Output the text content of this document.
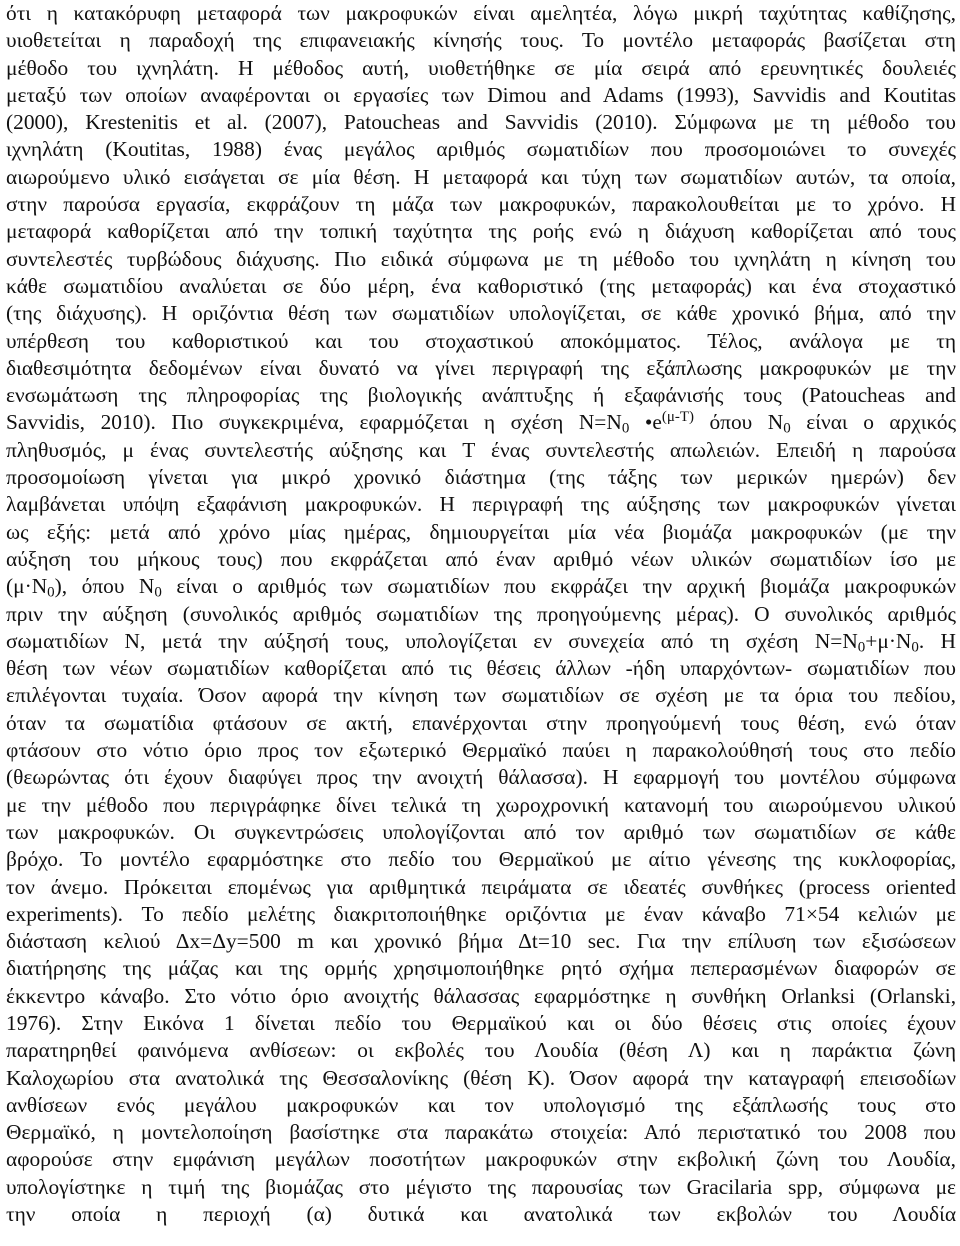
ότι η κατακόρυφη μεταφορά των μακροφυκών είναι αμελητέα, λόγω μικρή ταχύτητας καθίζησης,
υιοθετείται η παραδοχή της επιφανειακής κίνησής τους. Το μοντέλο μεταφοράς βασίζεται στη
μέθοδο του ιχνηλάτη. Η μέθοδος αυτή, υιοθετήθηκε σε μία σειρά από ερευνητικές δουλειές
μεταξύ των οποίων αναφέρονται οι εργασίες των Dimou and Adams (1993), Savvidis and Koutitas
(2000), Krestenitis et al. (2007), Patoucheas and Savvidis (2010). Σύμφωνα με τη μέθοδο του
ιχνηλάτη (Koutitas, 1988) ένας μεγάλος αριθμός σωματιδίων που προσομοιώνει το συνεχές
αιωρούμενο υλικό εισάγεται σε μία θέση. Η μεταφορά και τύχη των σωματιδίων αυτών, τα οποία,
στην παρούσα εργασία, εκφράζουν τη μάζα των μακροφυκών, παρακολουθείται με το χρόνο. Η
μεταφορά καθορίζεται από την τοπική ταχύτητα της ροής ενώ η διάχυση καθορίζεται από τους
συντελεστές τυρβώδους διάχυσης. Πιο ειδικά σύμφωνα με τη μέθοδο του ιχνηλάτη η κίνηση του
κάθε σωματιδίου αναλύεται σε δύο μέρη, ένα καθοριστικό (της μεταφοράς) και ένα στοχαστικό
(της διάχυσης). Η οριζόντια θέση των σωματιδίων υπολογίζεται, σε κάθε χρονικό βήμα, από την
υπέρθεση του καθοριστικού και του στοχαστικού αποκόμματος. Τέλος, ανάλογα με τη
διαθεσιμότητα δεδομένων είναι δυνατό να γίνει περιγραφή της εξάπλωσης μακροφυκών με την
ενσωμάτωση της πληροφορίας της βιολογικής ανάπτυξης ή εξαφάνισής τους (Patoucheas and
Savvidis, 2010). Πιο συγκεκριμένα, εφαρμόζεται η σχέση $N=N_0$ $•e^{(\mu-T)}$ όπου $N_0$ είναι ο αρχικός
πληθυσμός, μ ένας συντελεστής αύξησης και T ένας συντελεστής απωλειών. Επειδή η παρούσα
προσομοίωση γίνεται για μικρό χρονικό διάστημα (της τάξης των μερικών ημερών) δεν
λαμβάνεται υπόψη εξαφάνιση μακροφυκών. Η περιγραφή της αύξησης των μακροφυκών γίνεται
ως εξής: μετά από χρόνο μίας ημέρας, δημιουργείται μία νέα βιομάζα μακροφυκών (με την
αύξηση του μήκους τους) που εκφράζεται από έναν αριθμό νέων υλικών σωματιδίων ίσο με
$(\mu\cdot N_0)$, όπου $N_0$ είναι ο αριθμός των σωματιδίων που εκφράζει την αρχική βιομάζα μακροφυκών
πριν την αύξηση (συνολικός αριθμός σωματιδίων της προηγούμενης μέρας). Ο συνολικός αριθμός
σωματιδίων N, μετά την αύξησή τους, υπολογίζεται εν συνεχεία από τη σχέση $N=N_0+\mu\cdot N_0$. Η
θέση των νέων σωματιδίων καθορίζεται από τις θέσεις άλλων -ήδη υπαρχόντων- σωματιδίων που
επιλέγονται τυχαία. Όσον αφορά την κίνηση των σωματιδίων σε σχέση με τα όρια του πεδίου,
όταν τα σωματίδια φτάσουν σε ακτή, επανέρχονται στην προηγούμενή τους θέση, ενώ όταν
φτάσουν στο νότιο όριο προς τον εξωτερικό Θερμαϊκό παύει η παρακολούθησή τους στο πεδίο
(θεωρώντας ότι έχουν διαφύγει προς την ανοιχτή θάλασσα). Η εφαρμογή του μοντέλου σύμφωνα
με την μέθοδο που περιγράφηκε δίνει τελικά τη χωροχρονική κατανομή του αιωρούμενου υλικού
των μακροφυκών. Οι συγκεντρώσεις υπολογίζονται από τον αριθμό των σωματιδίων σε κάθε
βρόχο. Το μοντέλο εφαρμόστηκε στο πεδίο του Θερμαϊκού με αίτιο γένεσης της κυκλοφορίας,
τον άνεμο. Πρόκειται επομένως για αριθμητικά πειράματα σε ιδεατές συνθήκες (process oriented
experiments). Το πεδίο μελέτης διακριτοποιήθηκε οριζόντια με έναν κάναβο 71×54 κελιών με
διάσταση κελιού Δx=Δy=500 m και χρονικό βήμα Δt=10 sec. Για την επίλυση των εξισώσεων
διατήρησης της μάζας και της ορμής χρησιμοποιήθηκε ρητό σχήμα πεπερασμένων διαφορών σε
έκκεντρο κάναβο. Στο νότιο όριο ανοιχτής θάλασσας εφαρμόστηκε η συνθήκη Orlanksi (Orlanski,
1976). Στην Εικόνα 1 δίνεται πεδίο του Θερμαϊκού και οι δύο θέσεις στις οποίες έχουν
παρατηρηθεί φαινόμενα ανθίσεων: οι εκβολές του Λουδία (θέση Λ) και η παράκτια ζώνη
Καλοχωρίου στα ανατολικά της Θεσσαλονίκης (θέση Κ). Όσον αφορά την καταγραφή επεισοδίων
ανθίσεων ενός μεγάλου μακροφυκών και τον υπολογισμό της εξάπλωσής τους στο
Θερμαϊκό, η μοντελοποίηση βασίστηκε στα παρακάτω στοιχεία: Από περιστατικό του 2008 που
αφορούσε στην εμφάνιση μεγάλων ποσοτήτων μακροφυκών στην εκβολική ζώνη του Λουδία,
υπολογίστηκε η τιμή της βιομάζας στο μέγιστο της παρουσίας των Gracilaria spp, σύμφωνα με
την οποία η περιοχή (α) δυτικά και ανατολικά των εκβολών του Λουδία
